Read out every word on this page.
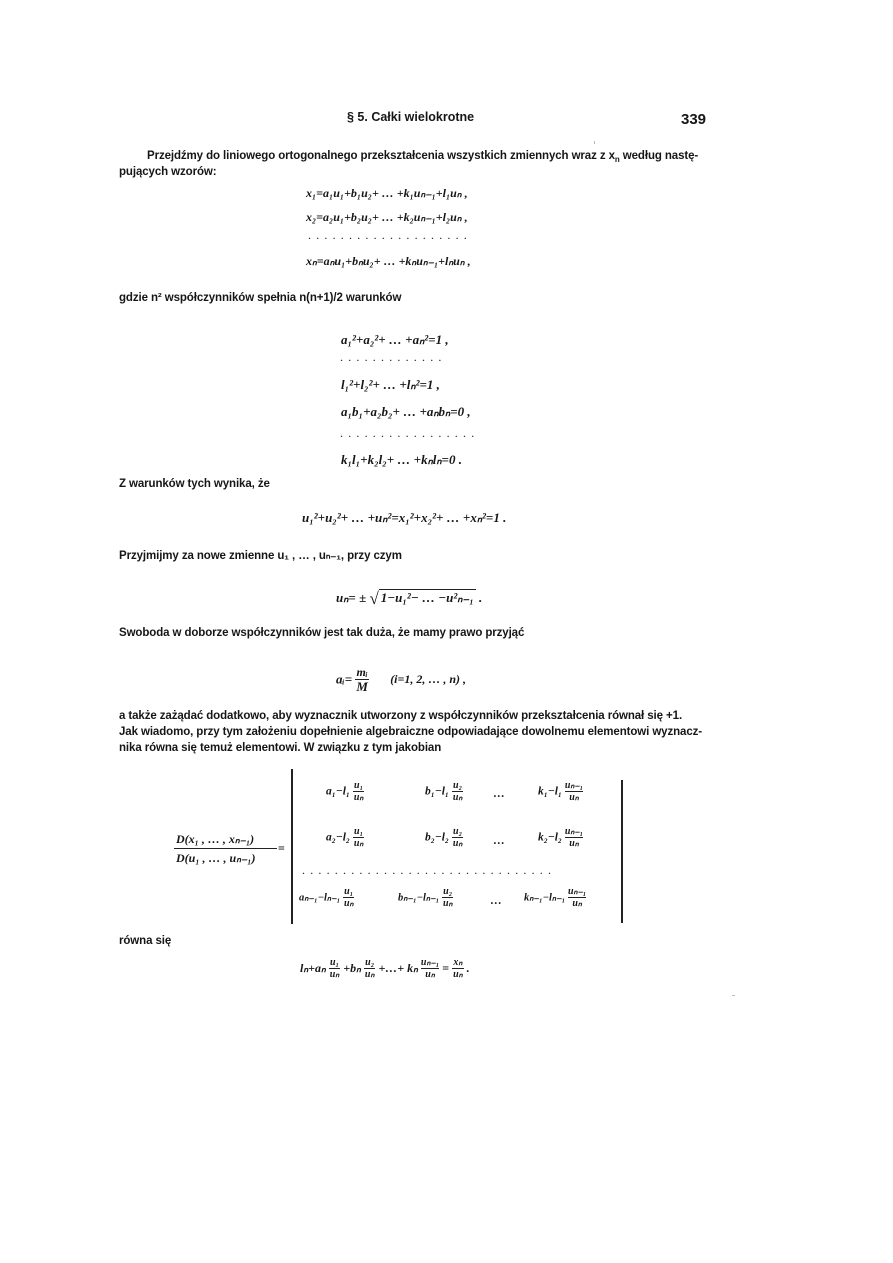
§ 5. Całki wielokrotne	339
Przejdźmy do liniowego ortogonalnego przekształcenia wszystkich zmiennych wraz z $x_n$ według nastę-
pujących wzorów:
x₁=a₁u₁+b₁u₂+ … +k₁uₙ₋₁+l₁uₙ ,
x₂=a₂u₁+b₂u₂+ … +k₂uₙ₋₁+l₂uₙ ,
....................
xₙ=aₙu₁+bₙu₂+ … +kₙuₙ₋₁+lₙuₙ ,
gdzie n² współczynników spełnia n(n+1)/2 warunków
a₁²+a₂²+ … +aₙ²=1 ,
.............
l₁²+l₂²+ … +lₙ²=1 ,
a₁b₁+a₂b₂+ … +aₙbₙ=0 ,
.................
k₁l₁+k₂l₂+ … +kₙlₙ=0 .
Z warunków tych wynika, że
u₁²+u₂²+ … +uₙ²=x₁²+x₂²+ … +xₙ²=1 .
Przyjmijmy za nowe zmienne u₁ , … , uₙ₋₁, przy czym
uₙ= ± √ 1−u₁²− … −u²ₙ₋₁ .
Swoboda w doborze współczynników jest tak duża, że mamy prawo przyjąć
aᵢ= $\frac{\text{mᵢ}}{M} (i=1$, 2, … , n) ,
a także zażądać dodatkowo, aby wyznacznik utworzony z współczynników przekształcenia równał się +1.
Jak wiadomo, przy tym założeniu dopełnienie algebraiczne odpowiadające dowolnemu elementowi wyznacz-
nika równa się temuż elementowi. W związku z tym jakobian
D(x₁ , … , xₙ₋₁)
=
D(u₁ , … , uₙ₋₁)
$a_1-l_1 \frac{\text{u₁}}{\text{uₙ}}$	$b_1-l_1 \frac{\text{u₂}}{\text{uₙ}}$	…	$k_1-l_1 \frac{\text{uₙ₋₁}}{\text{uₙ}}$
$a_2-l_2 \frac{\text{u₁}}{\text{uₙ}}$	$b_2-l_2 \frac{\text{u₂}}{\text{uₙ}}$	…	$k_2-l_2 \frac{\text{uₙ₋₁}}{\text{uₙ}}$
...............................
$a_{n-1}-l_{n-1} \frac{\text{u₁}}{\text{uₙ}}$	$b_{n-1}-l_{n-1} \frac{\text{u₂}}{\text{uₙ}}$	… $k_{n-1}-l_{n-1} \frac{\text{uₙ₋₁}}{\text{uₙ}}$
równa się
$l_n+a_n \frac{\text{u₁}}{\text{uₙ}} +b_n \frac{\text{u₂}}{\text{uₙ}}$ +…+ kₙ $\frac{\text{uₙ₋₁}}{\text{uₙ}} = \frac{\text{xₙ}}{\text{uₙ}}$ .
